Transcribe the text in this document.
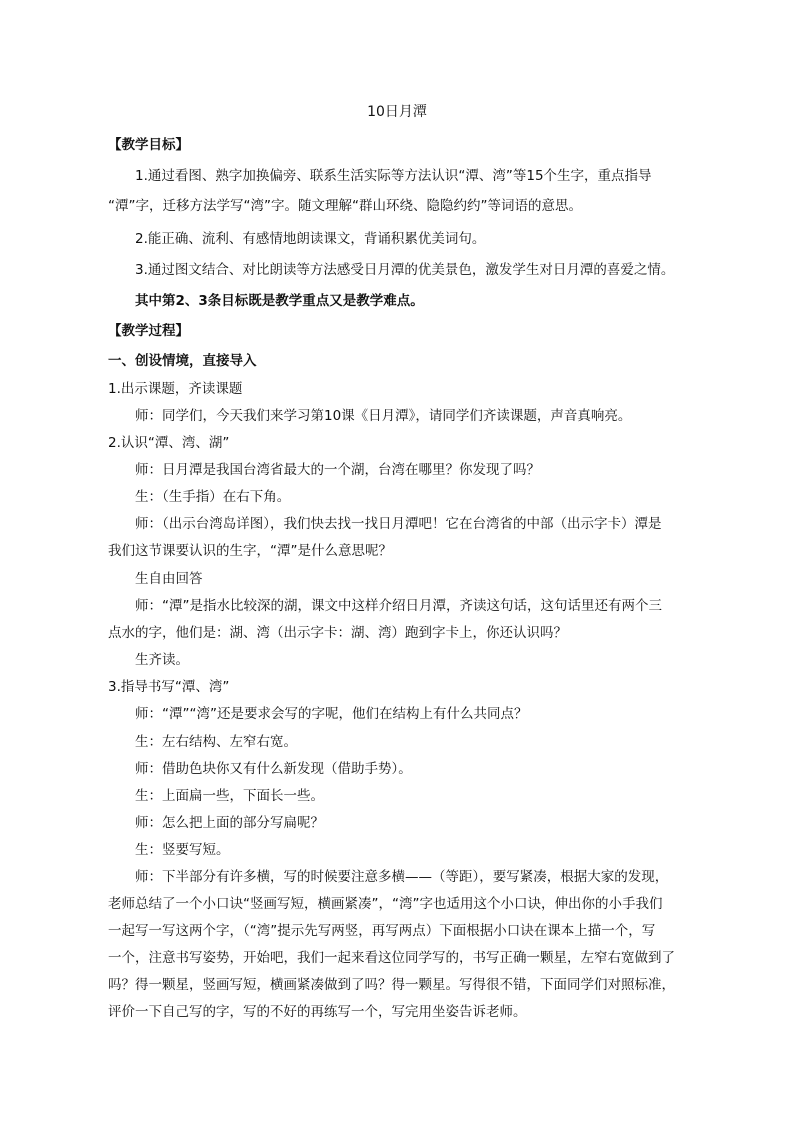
10日月潭
【教学目标】
1.通过看图、熟字加换偏旁、联系生活实际等方法认识“潭、湾”等15个生字，重点指导
“潭”字，迁移方法学写“湾”字。随文理解“群山环绕、隐隐约约”等词语的意思。
2.能正确、流利、有感情地朗读课文，背诵积累优美词句。
3.通过图文结合、对比朗读等方法感受日月潭的优美景色，激发学生对日月潭的喜爱之情。
其中第2、3条目标既是教学重点又是教学难点。
【教学过程】
一、创设情境，直接导入
1.出示课题，齐读课题
师：同学们，今天我们来学习第10课《日月潭》，请同学们齐读课题，声音真响亮。
2.认识“潭、湾、湖”
师：日月潭是我国台湾省最大的一个湖，台湾在哪里？你发现了吗？
生：（生手指）在右下角。
师：（出示台湾岛详图），我们快去找一找日月潭吧！它在台湾省的中部（出示字卡）潭是
我们这节课要认识的生字，“潭”是什么意思呢？
生自由回答
师：“潭”是指水比较深的湖，课文中这样介绍日月潭，齐读这句话，这句话里还有两个三
点水的字，他们是：湖、湾（出示字卡：湖、湾）跑到字卡上，你还认识吗？
生齐读。
3.指导书写“潭、湾”
师：“潭”“湾”还是要求会写的字呢，他们在结构上有什么共同点？
生：左右结构、左窄右宽。
师：借助色块你又有什么新发现（借助手势）。
生：上面扁一些，下面长一些。
师：怎么把上面的部分写扁呢？
生：竖要写短。
师：下半部分有许多横，写的时候要注意多横——（等距），要写紧凑，根据大家的发现，
老师总结了一个小口诀“竖画写短，横画紧凑”，“湾”字也适用这个小口诀，伸出你的小手我们
一起写一写这两个字，（“湾”提示先写两竖，再写两点）下面根据小口诀在课本上描一个，写
一个，注意书写姿势，开始吧，我们一起来看这位同学写的，书写正确一颗星，左窄右宽做到了
吗？得一颗星，竖画写短，横画紧凑做到了吗？得一颗星。写得很不错，下面同学们对照标准，
评价一下自己写的字，写的不好的再练写一个，写完用坐姿告诉老师。
